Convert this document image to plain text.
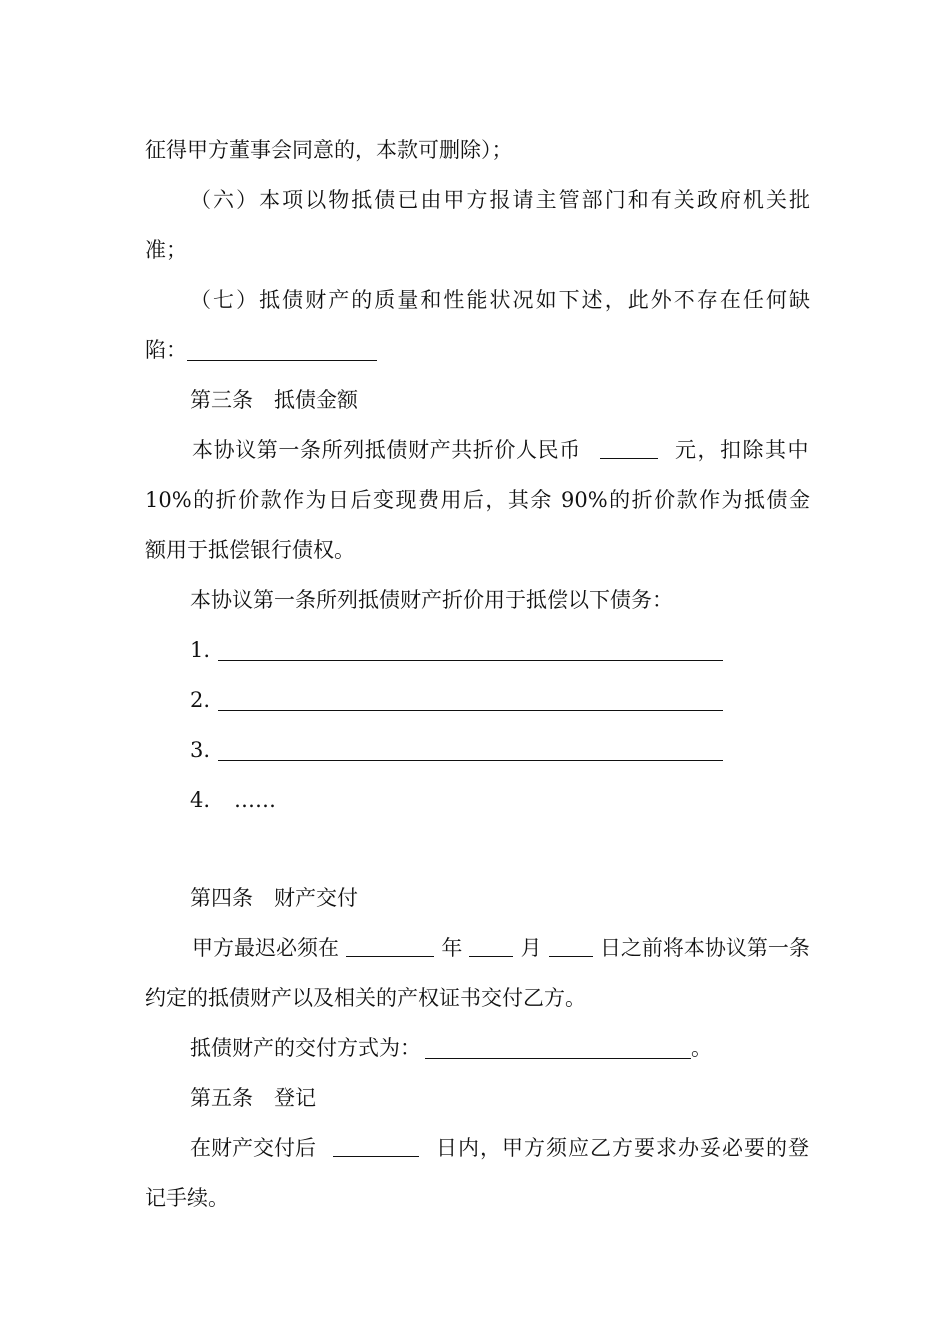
征得甲方董事会同意的，本款可删除）；
（六）本项以物抵债已由甲方报请主管部门和有关政府机关批
准；
（七）抵债财产的质量和性能状况如下述，此外不存在任何缺
陷：
第三条　抵债金额
本协议第一条所列抵债财产共折价人民币	元，扣除其中
10%的折价款作为日后变现费用后，其余 90%的折价款作为抵债金
额用于抵偿银行债权。
本协议第一条所列抵债财产折价用于抵偿以下债务：
1.
2.
3.
4. ……
第四条　财产交付
甲方最迟必须在	年	月	日之前将本协议第一条
约定的抵债财产以及相关的产权证书交付乙方。
抵债财产的交付方式为：	。
第五条　登记
在财产交付后	日内，甲方须应乙方要求办妥必要的登
记手续。
